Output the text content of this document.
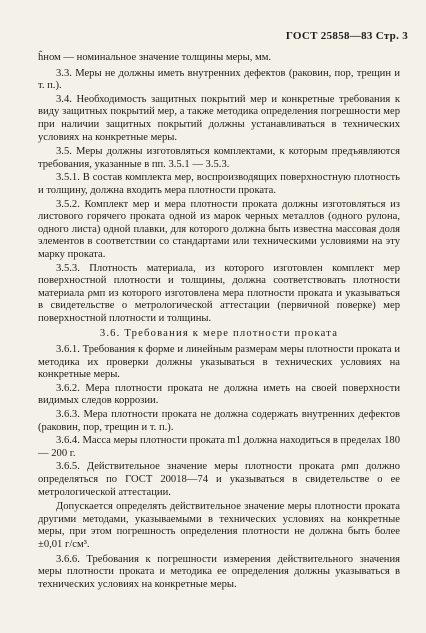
ГОСТ 25858—83 Стр. 3

ĥном — номинальное значение толщины меры, мм.

3.3. Меры не должны иметь внутренних дефектов (раковин, пор, трещин и т. п.).

3.4. Необходимость защитных покрытий мер и конкретные требования к виду защитных покрытий мер, а также методика определения погрешности мер при наличии защитных покрытий должны устанавливаться в технических условиях на конкретные меры.

3.5. Меры должны изготовляться комплектами, к которым предъявляются требования, указанные в пп. 3.5.1 — 3.5.3.

3.5.1. В состав комплекта мер, воспроизводящих поверхностную плотность и толщину, должна входить мера плотности проката.

3.5.2. Комплект мер и мера плотности проката должны изготовляться из листового горячего проката одной из марок черных металлов (одного рулона, одного листа) одной плавки, для которого должна быть известна массовая доля элементов в соответствии со стандартами или техническими условиями на эту марку проката.

3.5.3. Плотность материала, из которого изготовлен комплект мер поверхностной плотности и толщины, должна соответствовать плотности материала ρмп из которого изготовлена мера плотности проката и указываться в свидетельстве о метрологической аттестации (первичной поверке) мер поверхностной плотности и толщины.

3.6. Требования к мере плотности проката

3.6.1. Требования к форме и линейным размерам меры плотности проката и методика их проверки должны указываться в технических условиях на конкретные меры.

3.6.2. Мера плотности проката не должна иметь на своей поверхности видимых следов коррозии.

3.6.3. Мера плотности проката не должна содержать внутренних дефектов (раковин, пор, трещин и т. п.).

3.6.4. Масса меры плотности проката m1 должна находиться в пределах 180 — 200 г.

3.6.5. Действительное значение меры плотности проката ρмп должно определяться по ГОСТ 20018—74 и указываться в свидетельстве о ее метрологической аттестации.

Допускается определять действительное значение меры плотности проката другими методами, указываемыми в технических условиях на конкретные меры, при этом погрешность определения плотности не должна быть более ±0,01 г/см³.

3.6.6. Требования к погрешности измерения действительного значения меры плотности проката и методика ее определения должны указываться в технических условиях на конкретные меры.
